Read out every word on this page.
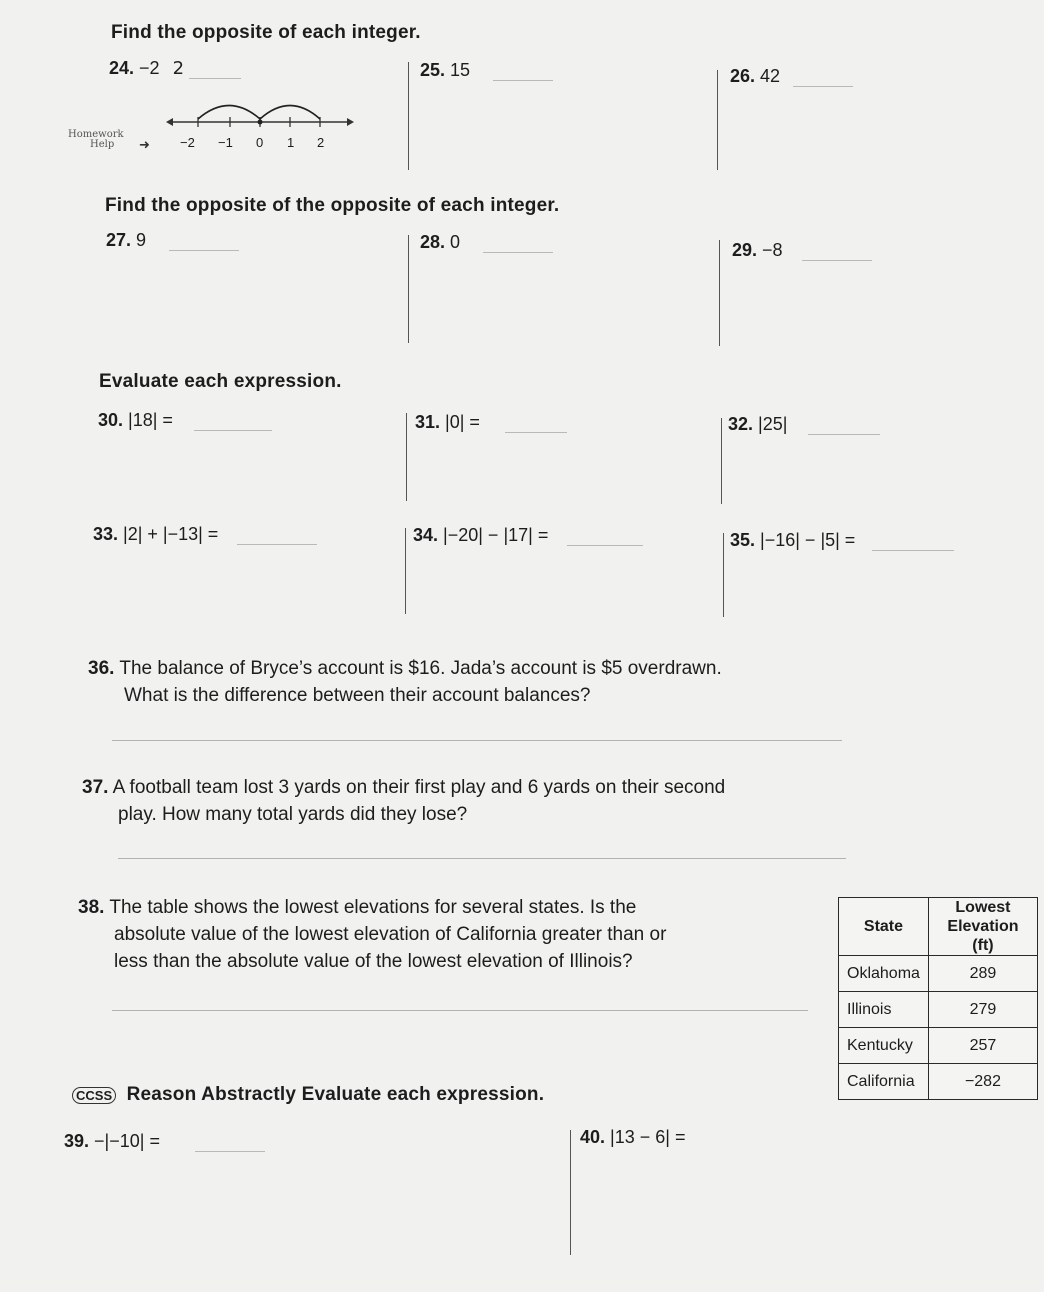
Find the opposite of each integer.
24. −2 2
Homework
Help	➜ −2 −1 0 1 2
25. 15	26. 42
Find the opposite of the opposite of each integer.
27. 9	28. 0	29. −8
Evaluate each expression.
30. |18| =	31. |0| =	32. |25|
33. |2| + |−13| =	34. |−20| − |17| =	35. |−16| − |5| =
36. The balance of Bryce’s account is $16. Jada’s account is $5 overdrawn.
What is the difference between their account balances?
37. A football team lost 3 yards on their first play and 6 yards on their second
play. How many total yards did they lose?
38. The table shows the lowest elevations for several states. Is the
absolute value of the lowest elevation of California greater than or
less than the absolute value of the lowest elevation of Illinois?
State	Lowest
Elevation (ft)

Oklahoma	289
Illinois	279
Kentucky	257
California	−282
CCSS Reason Abstractly Evaluate each expression.
39. −|−10| =	40. |13 − 6| =
